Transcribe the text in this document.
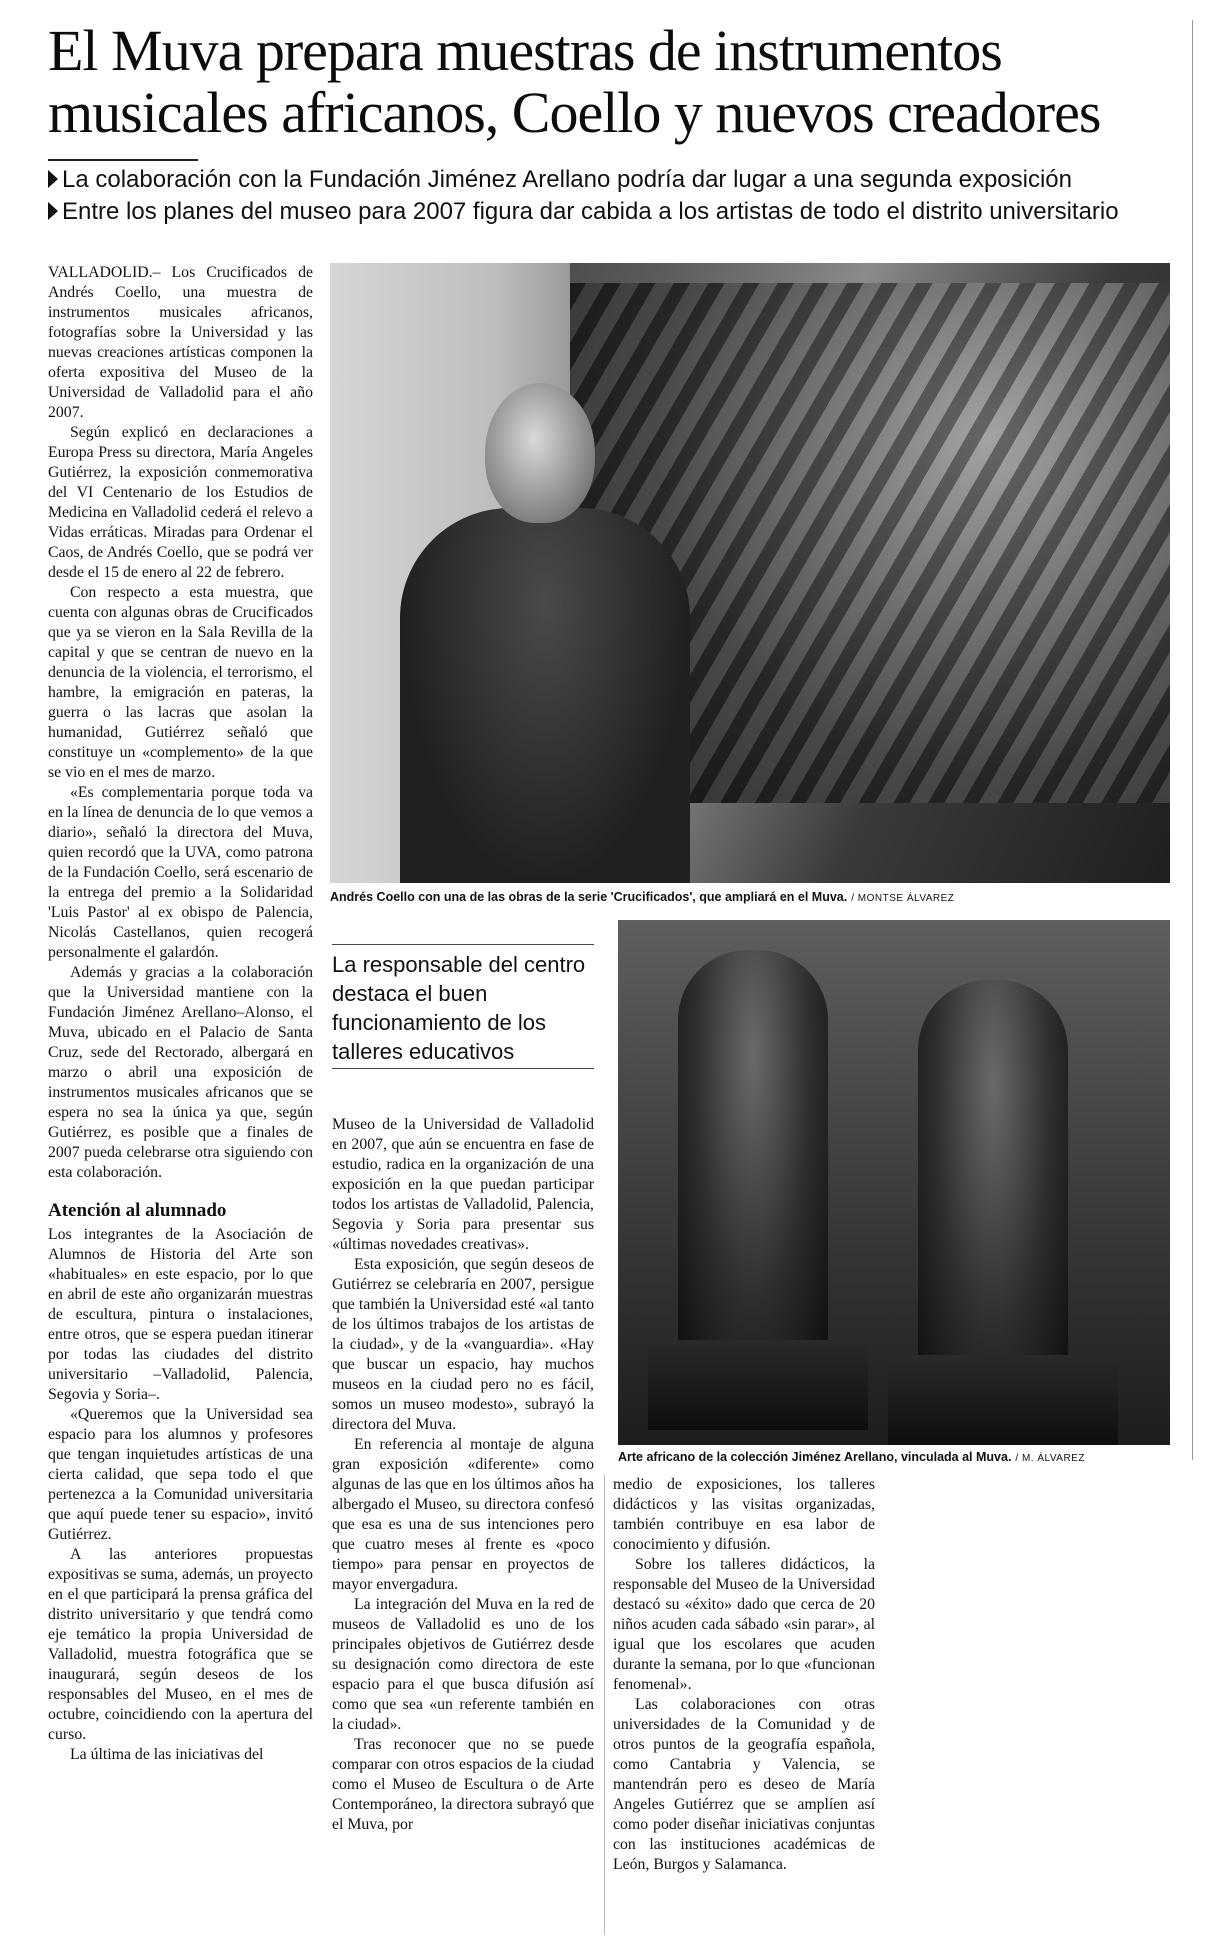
El Muva prepara muestras de instrumentos musicales africanos, Coello y nuevos creadores
La colaboración con la Fundación Jiménez Arellano podría dar lugar a una segunda exposición
Entre los planes del museo para 2007 figura dar cabida a los artistas de todo el distrito universitario

VALLADOLID.– Los Crucificados de Andrés Coello, una muestra de instrumentos musicales africanos, fotografías sobre la Universidad y las nuevas creaciones artísticas componen la oferta expositiva del Museo de la Universidad de Valladolid para el año 2007.

Según explicó en declaraciones a Europa Press su directora, María Angeles Gutiérrez, la exposición conmemorativa del VI Centenario de los Estudios de Medicina en Valladolid cederá el relevo a Vidas erráticas. Miradas para Ordenar el Caos, de Andrés Coello, que se podrá ver desde el 15 de enero al 22 de febrero.

Con respecto a esta muestra, que cuenta con algunas obras de Crucificados que ya se vieron en la Sala Revilla de la capital y que se centran de nuevo en la denuncia de la violencia, el terrorismo, el hambre, la emigración en pateras, la guerra o las lacras que asolan la humanidad, Gutiérrez señaló que constituye un «complemento» de la que se vio en el mes de marzo.

«Es complementaria porque toda va en la línea de denuncia de lo que vemos a diario», señaló la directora del Muva, quien recordó que la UVA, como patrona de la Fundación Coello, será escenario de la entrega del premio a la Solidaridad 'Luis Pastor' al ex obispo de Palencia, Nicolás Castellanos, quien recogerá personalmente el galardón.

Además y gracias a la colaboración que la Universidad mantiene con la Fundación Jiménez Arellano–Alonso, el Muva, ubicado en el Palacio de Santa Cruz, sede del Rectorado, albergará en marzo o abril una exposición de instrumentos musicales africanos que se espera no sea la única ya que, según Gutiérrez, es posible que a finales de 2007 pueda celebrarse otra siguiendo con esta colaboración.

Atención al alumnado

Los integrantes de la Asociación de Alumnos de Historia del Arte son «habituales» en este espacio, por lo que en abril de este año organizarán muestras de escultura, pintura o instalaciones, entre otros, que se espera puedan itinerar por todas las ciudades del distrito universitario –Valladolid, Palencia, Segovia y Soria–.

«Queremos que la Universidad sea espacio para los alumnos y profesores que tengan inquietudes artísticas de una cierta calidad, que sepa todo el que pertenezca a la Comunidad universitaria que aquí puede tener su espacio», invitó Gutiérrez.

A las anteriores propuestas expositivas se suma, además, un proyecto en el que participará la prensa gráfica del distrito universitario y que tendrá como eje temático la propia Universidad de Valladolid, muestra fotográfica que se inaugurará, según deseos de los responsables del Museo, en el mes de octubre, coincidiendo con la apertura del curso.

La última de las iniciativas del

Andrés Coello con una de las obras de la serie 'Crucificados', que ampliará en el Muva. / MONTSE ÁLVAREZ
La responsable del centro destaca el buen funcionamiento de los talleres educativos

Museo de la Universidad de Valladolid en 2007, que aún se encuentra en fase de estudio, radica en la organización de una exposición en la que puedan participar todos los artistas de Valladolid, Palencia, Segovia y Soria para presentar sus «últimas novedades creativas».

Esta exposición, que según deseos de Gutiérrez se celebraría en 2007, persigue que también la Universidad esté «al tanto de los últimos trabajos de los artistas de la ciudad», y de la «vanguardia». «Hay que buscar un espacio, hay muchos museos en la ciudad pero no es fácil, somos un museo modesto», subrayó la directora del Muva.

En referencia al montaje de alguna gran exposición «diferente» como algunas de las que en los últimos años ha albergado el Museo, su directora confesó que esa es una de sus intenciones pero que cuatro meses al frente es «poco tiempo» para pensar en proyectos de mayor envergadura.

La integración del Muva en la red de museos de Valladolid es uno de los principales objetivos de Gutiérrez desde su designación como directora de este espacio para el que busca difusión así como que sea «un referente también en la ciudad».

Tras reconocer que no se puede comparar con otros espacios de la ciudad como el Museo de Escultura o de Arte Contemporáneo, la directora subrayó que el Muva, por

Arte africano de la colección Jiménez Arellano, vinculada al Muva. / M. ÁLVAREZ

medio de exposiciones, los talleres didácticos y las visitas organizadas, también contribuye en esa labor de conocimiento y difusión.

Sobre los talleres didácticos, la responsable del Museo de la Universidad destacó su «éxito» dado que cerca de 20 niños acuden cada sábado «sin parar», al igual que los escolares que acuden durante la semana, por lo que «funcionan fenomenal».

Las colaboraciones con otras universidades de la Comunidad y de otros puntos de la geografía española, como Cantabria y Valencia, se mantendrán pero es deseo de María Angeles Gutiérrez que se amplíen así como poder diseñar iniciativas conjuntas con las instituciones académicas de León, Burgos y Salamanca.
